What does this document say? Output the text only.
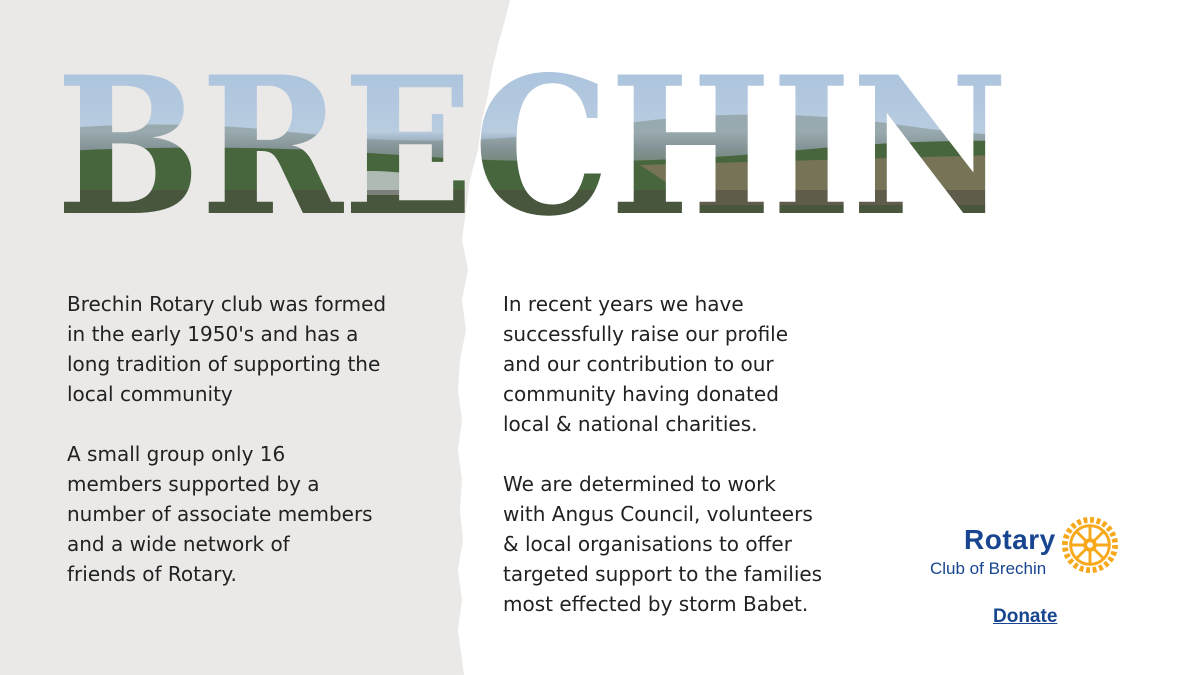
BRECHIN

Brechin Rotary club was formed
in the early 1950's and has a
long tradition of supporting the
local community

A small group only 16
members supported by a
number of associate members
and a wide network of
friends of Rotary.

In recent years we have
successfully raise our profile
and our contribution to our
community having donated
local & national charities.

We are determined to work
with Angus Council, volunteers
& local organisations to offer
targeted support to the families
most effected by storm Babet.

Rotary
Club of Brechin
Donate
